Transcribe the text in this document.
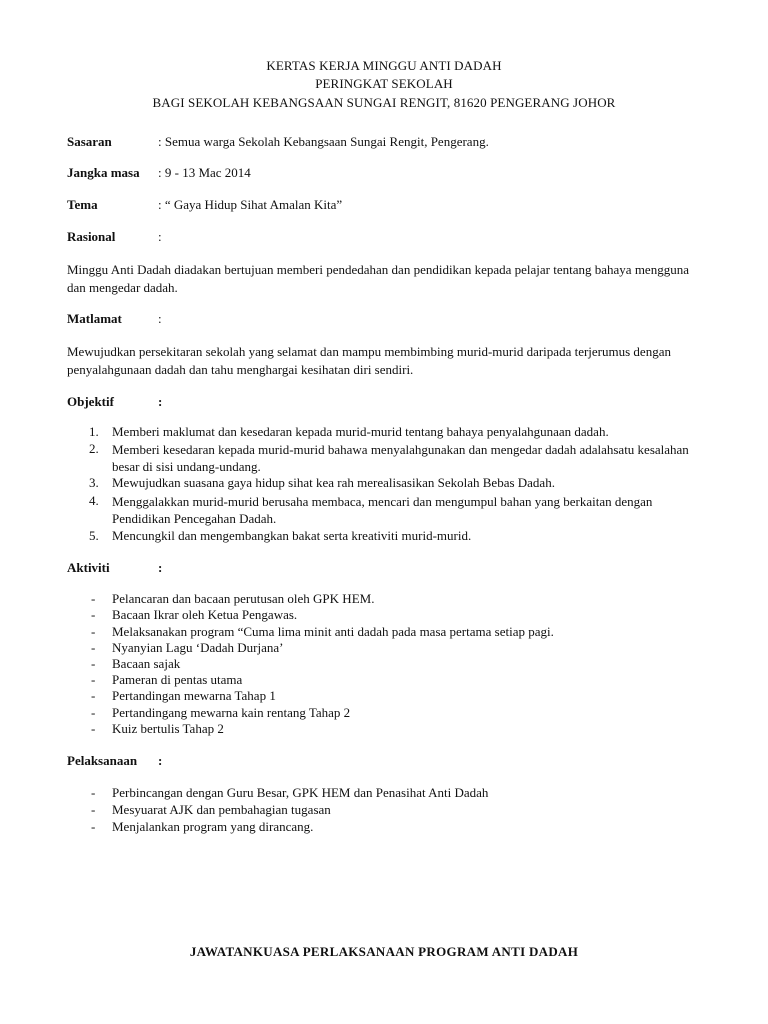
KERTAS KERJA MINGGU ANTI DADAH
PERINGKAT SEKOLAH
BAGI SEKOLAH KEBANGSAAN SUNGAI RENGIT, 81620 PENGERANG JOHOR
Sasaran	: Semua warga Sekolah Kebangsaan Sungai Rengit, Pengerang.
Jangka masa : 9 - 13 Mac 2014
Tema	: “ Gaya Hidup Sihat Amalan Kita”
Rasional	:
Minggu Anti Dadah diadakan bertujuan memberi pendedahan dan pendidikan kepada pelajar tentang bahaya mengguna dan mengedar dadah.
Matlamat	:
Mewujudkan persekitaran sekolah yang selamat dan mampu membimbing murid-murid daripada terjerumus dengan penyalahgunaan dadah dan tahu menghargai kesihatan diri sendiri.
Objektif	:
1. Memberi maklumat dan kesedaran kepada murid-murid tentang bahaya penyalahgunaan dadah.
2. Memberi kesedaran kepada murid-murid bahawa menyalahgunakan dan mengedar dadah adalahsatu kesalahan besar di sisi undang-undang.
3. Mewujudkan suasana gaya hidup sihat kea rah merealisasikan Sekolah Bebas Dadah.
4. Menggalakkan murid-murid berusaha membaca, mencari dan mengumpul bahan yang berkaitan dengan Pendidikan Pencegahan Dadah.
5. Mencungkil dan mengembangkan bakat serta kreativiti murid-murid.
Aktiviti	:
- Pelancaran dan bacaan perutusan oleh GPK HEM.
- Bacaan Ikrar oleh Ketua Pengawas.
- Melaksanakan program “Cuma lima minit anti dadah pada masa pertama setiap pagi.
- Nyanyian Lagu ‘Dadah Durjana’
- Bacaan sajak
- Pameran di pentas utama
- Pertandingan mewarna Tahap 1
- Pertandingang mewarna kain rentang Tahap 2
- Kuiz bertulis Tahap 2
Pelaksanaan :
- Perbincangan dengan Guru Besar, GPK HEM dan Penasihat Anti Dadah
- Mesyuarat AJK dan pembahagian tugasan
- Menjalankan program yang dirancang.
JAWATANKUASA PERLAKSANAAN PROGRAM ANTI DADAH
